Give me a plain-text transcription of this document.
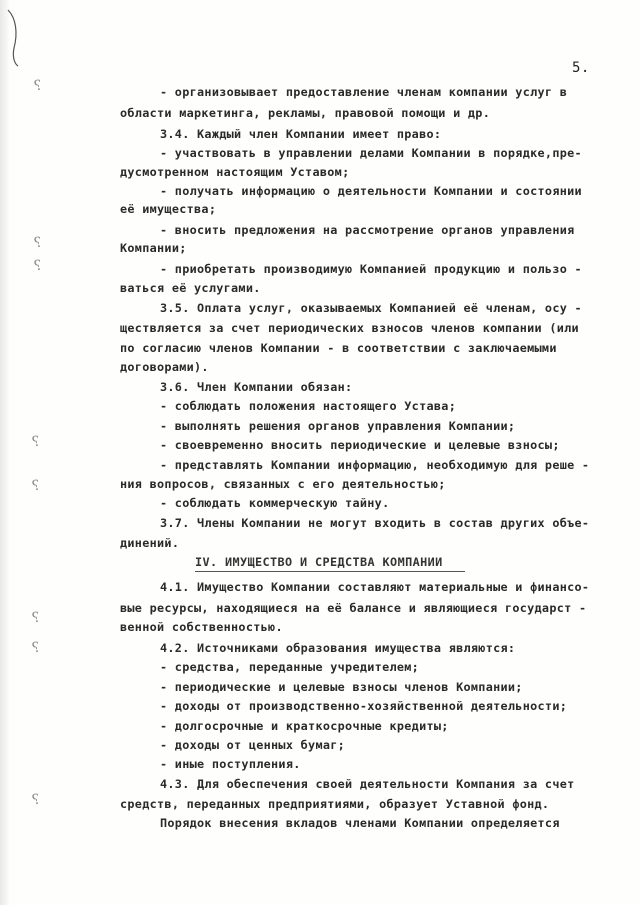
⸮
⸮
⸮
⸮
⸮
⸮
⸮
⸮
5.
- организовывает предоставление членам компании услуг в
области маркетинга, рекламы, правовой помощи и др.
3.4. Каждый член Компании имеет право:
- участвовать в управлении делами Компании в порядке,пре-
дусмотренном настоящим Уставом;
- получать информацию о деятельности Компании и состоянии
её имущества;
- вносить предложения на рассмотрение органов управления
Компании;
- приобретать производимую Компанией продукцию и пользо -
ваться её услугами.
3.5. Оплата услуг, оказываемых Компанией её членам, осу -
ществляется за счет периодических взносов членов компании (или
по согласию членов Компании - в соответствии с заключаемыми
договорами).
3.6. Член Компании обязан:
- соблюдать положения настоящего Устава;
- выполнять решения органов управления Компании;
- своевременно вносить периодические и целевые взносы;
- представлять Компании информацию, необходимую для реше -
ния вопросов, связанных с его деятельностью;
- соблюдать коммерческую тайну.
3.7. Члены Компании не могут входить в состав других объе-
динений.
IV. ИМУЩЕСТВО И СРЕДСТВА КОМПАНИИ
4.1. Имущество Компании составляют материальные и финансо-
вые ресурсы, находящиеся на её балансе и являющиеся государст -
венной собственностью.
4.2. Источниками образования имущества являются:
- средства, переданные учредителем;
- периодические и целевые взносы членов Компании;
- доходы от производственно-хозяйственной деятельности;
- долгосрочные и краткосрочные кредиты;
- доходы от ценных бумаг;
- иные поступления.
4.3. Для обеспечения своей деятельности Компания за счет
средств, переданных предприятиями, образует Уставной фонд.
Порядок внесения вкладов членами Компании определяется
